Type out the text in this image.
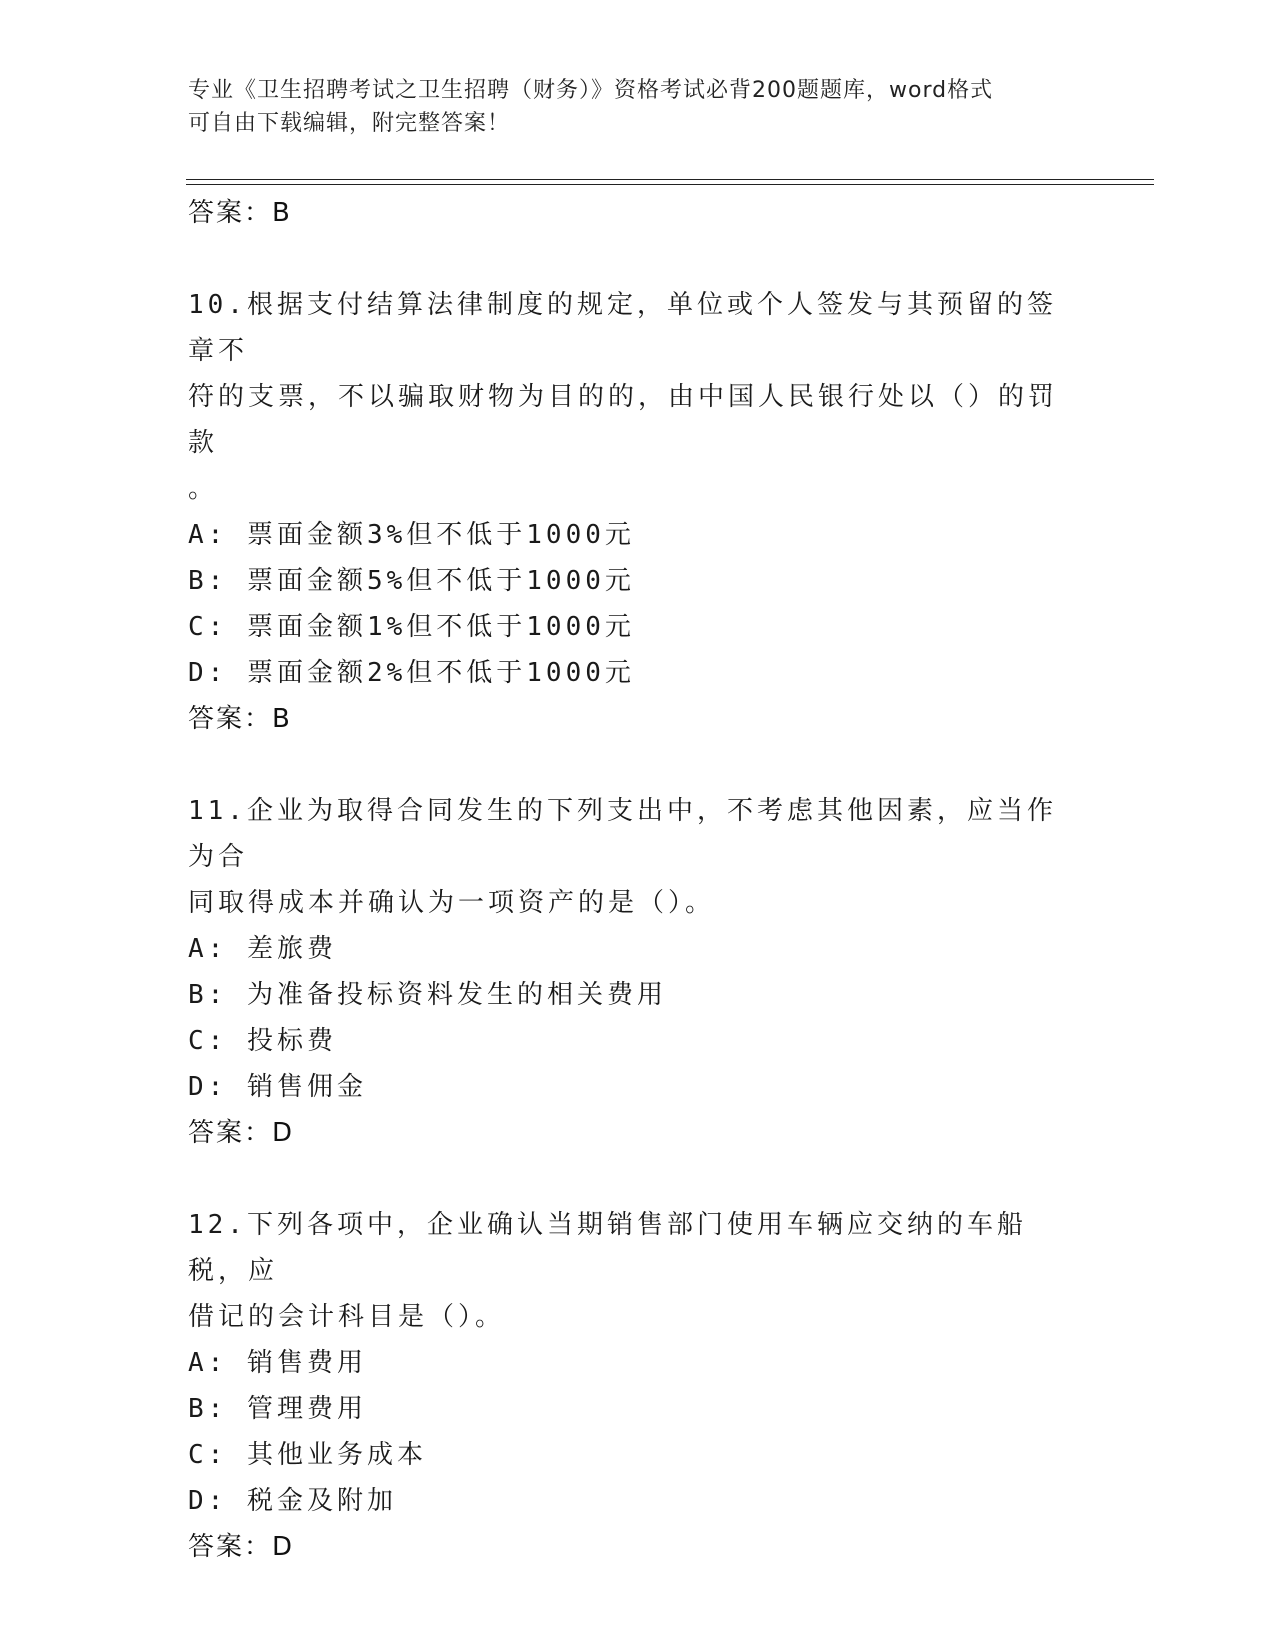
专业《卫生招聘考试之卫生招聘（财务）》资格考试必背200题题库，word格式
可自由下载编辑，附完整答案！
答案：B

10.根据支付结算法律制度的规定，单位或个人签发与其预留的签章不
符的支票，不以骗取财物为目的的，由中国人民银行处以（）的罚款
。

A: 票面金额3%但不低于1000元

B: 票面金额5%但不低于1000元

C: 票面金额1%但不低于1000元

D: 票面金额2%但不低于1000元

答案：B

11.企业为取得合同发生的下列支出中，不考虑其他因素，应当作为合
同取得成本并确认为一项资产的是（）。

A: 差旅费

B: 为准备投标资料发生的相关费用

C: 投标费

D: 销售佣金

答案：D

12.下列各项中，企业确认当期销售部门使用车辆应交纳的车船税，应
借记的会计科目是（）。

A: 销售费用

B: 管理费用

C: 其他业务成本

D: 税金及附加

答案：D
